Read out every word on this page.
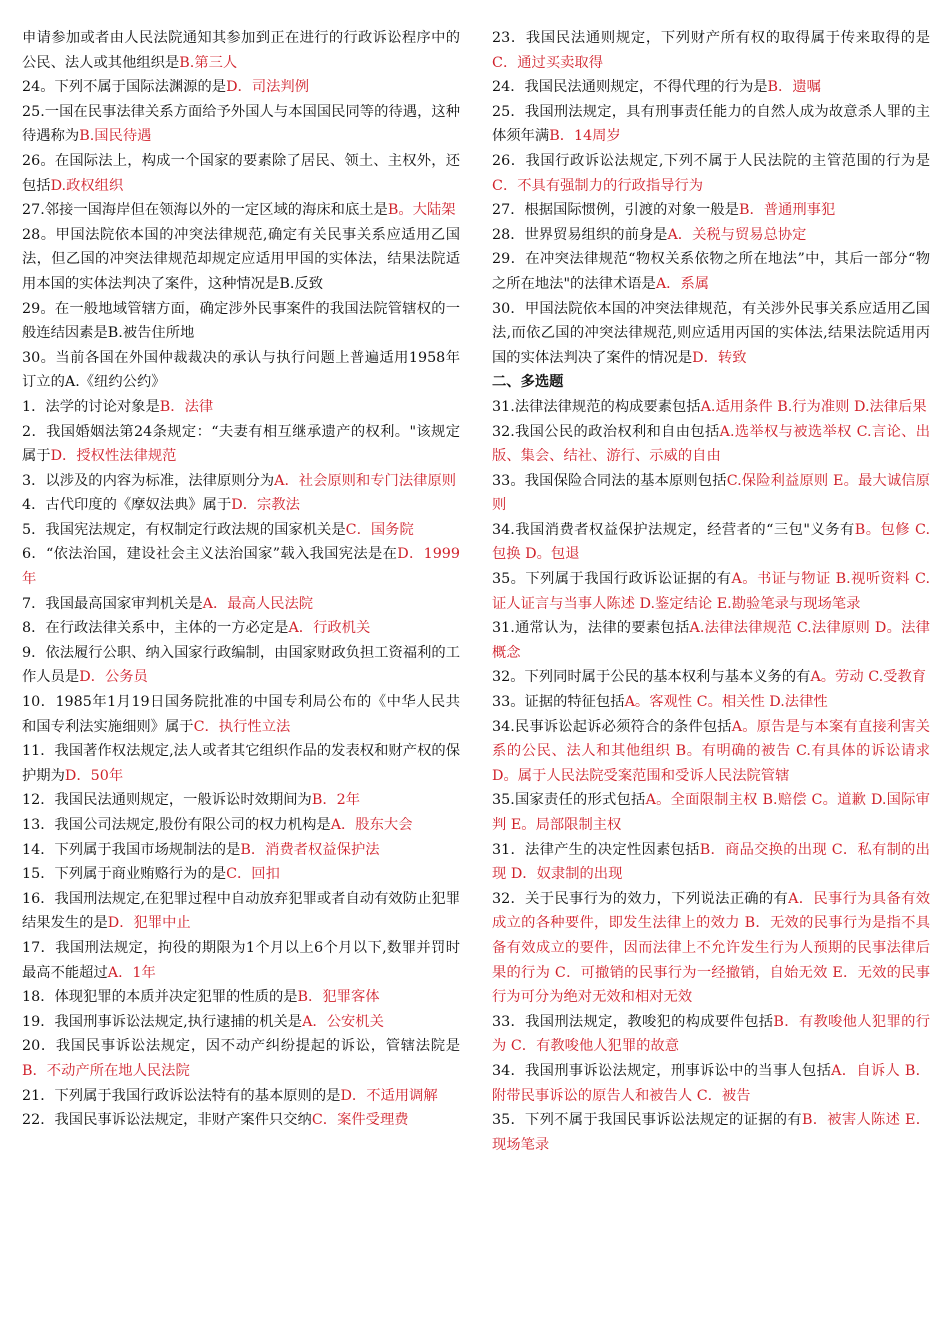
申请参加或者由人民法院通知其参加到正在进行的行政诉讼程序中的公民、法人或其他组织是B.第三人

24。下列不属于国际法渊源的是D．司法判例

25.一国在民事法律关系方面给予外国人与本国国民同等的待遇，这种待遇称为B.国民待遇

26。在国际法上，构成一个国家的要素除了居民、领土、主权外，还包括D.政权组织

27.邻接一国海岸但在领海以外的一定区域的海床和底土是B。大陆架

28。甲国法院依本国的冲突法律规范,确定有关民事关系应适用乙国法，但乙国的冲突法律规范却规定应适用甲国的实体法，结果法院适用本国的实体法判决了案件，这种情况是B.反致

29。在一般地域管辖方面，确定涉外民事案件的我国法院管辖权的一般连结因素是B.被告住所地

30。当前各国在外国仲裁裁决的承认与执行问题上普遍适用1958年订立的A.《纽约公约》

1．法学的讨论对象是B．法律

2．我国婚姻法第24条规定：“夫妻有相互继承遗产的权利。"该规定属于D．授权性法律规范

3．以涉及的内容为标准，法律原则分为A．社会原则和专门法律原则

4．古代印度的《摩奴法典》属于D．宗教法

5．我国宪法规定，有权制定行政法规的国家机关是C．国务院

6．“依法治国，建设社会主义法治国家”载入我国宪法是在D．1999年

7．我国最高国家审判机关是A．最高人民法院

8．在行政法律关系中，主体的一方必定是A．行政机关

9．依法履行公职、纳入国家行政编制，由国家财政负担工资福利的工作人员是D．公务员

10．1985年1月19日国务院批准的中国专利局公布的《中华人民共和国专利法实施细则》属于C．执行性立法

11．我国著作权法规定,法人或者其它组织作品的发表权和财产权的保护期为D．50年

12．我国民法通则规定，一般诉讼时效期间为B．2年

13．我国公司法规定,股份有限公司的权力机构是A．股东大会

14．下列属于我国市场规制法的是B．消费者权益保护法

15．下列属于商业贿赂行为的是C．回扣

16．我国刑法规定,在犯罪过程中自动放弃犯罪或者自动有效防止犯罪结果发生的是D．犯罪中止

17．我国刑法规定，拘役的期限为1个月以上6个月以下,数罪并罚时最高不能超过A．1年

18．体现犯罪的本质并决定犯罪的性质的是B．犯罪客体

19．我国刑事诉讼法规定,执行逮捕的机关是A．公安机关

20．我国民事诉讼法规定，因不动产纠纷提起的诉讼，管辖法院是B．不动产所在地人民法院

21．下列属于我国行政诉讼法特有的基本原则的是D．不适用调解

22．我国民事诉讼法规定，非财产案件只交纳C．案件受理费

23．我国民法通则规定，下列财产所有权的取得属于传来取得的是C．通过买卖取得

24．我国民法通则规定，不得代理的行为是B．遗嘱

25．我国刑法规定，具有刑事责任能力的自然人成为故意杀人罪的主体须年满B．14周岁

26．我国行政诉讼法规定,下列不属于人民法院的主管范围的行为是C．不具有强制力的行政指导行为

27．根据国际惯例，引渡的对象一般是B．普通刑事犯

28．世界贸易组织的前身是A．关税与贸易总协定

29．在冲突法律规范“物权关系依物之所在地法”中，其后一部分“物之所在地法"的法律术语是A．系属

30．甲国法院依本国的冲突法律规范，有关涉外民事关系应适用乙国法,而依乙国的冲突法律规范,则应适用丙国的实体法,结果法院适用丙国的实体法判决了案件的情况是D．转致

二、多选题

31.法律法律规范的构成要素包括A.适用条件 B.行为准则 D.法律后果

32.我国公民的政治权利和自由包括A.选举权与被选举权 C.言论、出版、集会、结社、游行、示威的自由

33。我国保险合同法的基本原则包括C.保险利益原则 E。最大诚信原则

34.我国消费者权益保护法规定，经营者的“三包"义务有B。包修 C.包换 D。包退

35。下列属于我国行政诉讼证据的有A。书证与物证 B.视听资料 C.证人证言与当事人陈述 D.鉴定结论 E.勘验笔录与现场笔录

31.通常认为，法律的要素包括A.法律法律规范 C.法律原则 D。法律概念

32。下列同时属于公民的基本权利与基本义务的有A。劳动 C.受教育

33。证据的特征包括A。客观性 C。相关性 D.法律性

34.民事诉讼起诉必须符合的条件包括A。原告是与本案有直接利害关系的公民、法人和其他组织 B。有明确的被告 C.有具体的诉讼请求 D。属于人民法院受案范围和受诉人民法院管辖

35.国家责任的形式包括A。全面限制主权 B.赔偿 C。道歉 D.国际审判 E。局部限制主权

31．法律产生的决定性因素包括B．商品交换的出现 C．私有制的出现 D．奴隶制的出现

32．关于民事行为的效力，下列说法正确的有A．民事行为具备有效成立的各种要件，即发生法律上的效力 B．无效的民事行为是指不具备有效成立的要件，因而法律上不允许发生行为人预期的民事法律后果的行为 C．可撤销的民事行为一经撤销，自始无效 E．无效的民事行为可分为绝对无效和相对无效

33．我国刑法规定，教唆犯的构成要件包括B．有教唆他人犯罪的行为 C．有教唆他人犯罪的故意

34．我国刑事诉讼法规定，刑事诉讼中的当事人包括A．自诉人 B．附带民事诉讼的原告人和被告人 C．被告

35．下列不属于我国民事诉讼法规定的证据的有B．被害人陈述 E．现场笔录
